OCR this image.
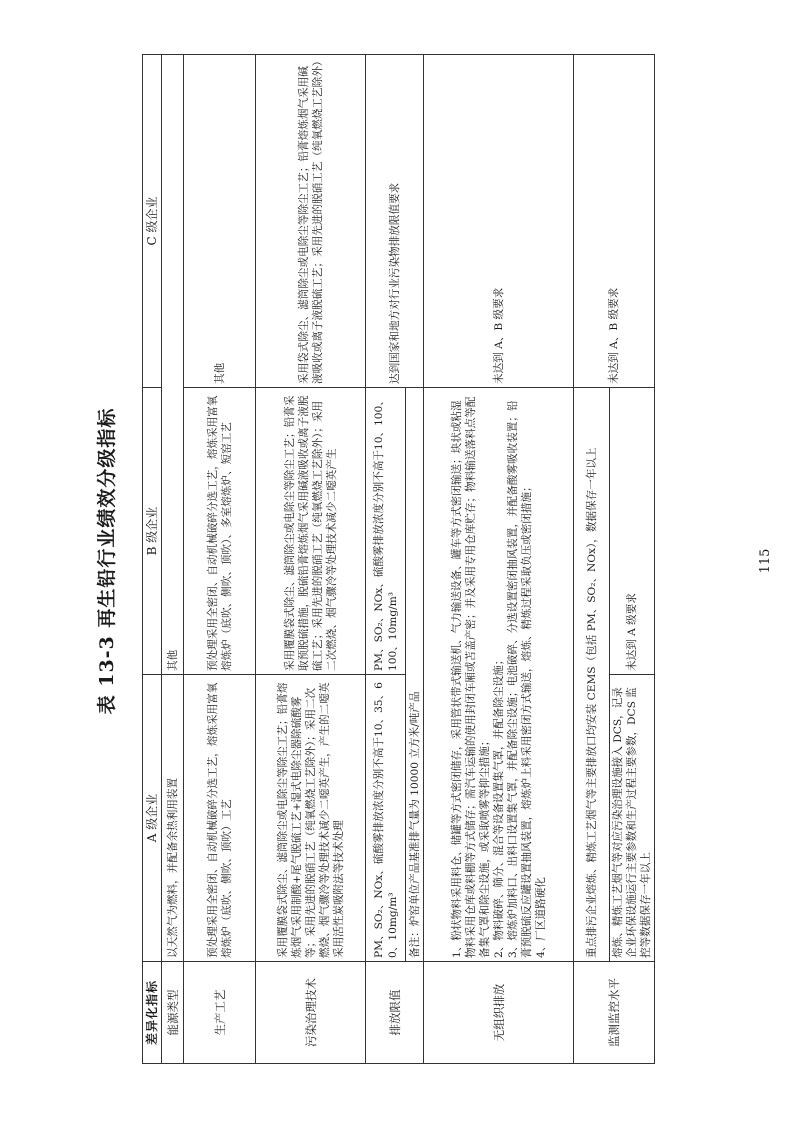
表 13-3 再生铅行业绩效分级指标
差异化指标	A 级企业	B 级企业	C 级企业
能源类型	以天然气为燃料，并配备余热利用装置	其他	
生产工艺	预处理采用全密闭、自动机械破碎分选工艺，熔炼采用富氧熔炼炉（底吹、侧吹、顶吹）工艺	预处理采用全密闭、自动机械破碎分选工艺，熔炼采用富氧熔炼炉（底吹、侧吹、顶吹）、多室熔炼炉、短窑工艺	其他
污染治理技术	采用覆膜袋式除尘、滤筒除尘或电除尘等除尘工艺；铅膏熔炼烟气采用制酸+尾气脱硫工艺+湿式电除尘器除硫酸雾等；采用先进的脱硝工艺（纯氧燃烧工艺除外）；采用二次燃烧、烟气骤冷等处理技术减少二噁英产生，产生的二噁英采用活性炭吸附法等技术处理	采用覆膜袋式除尘、滤筒除尘或电除尘等除尘工艺；铅膏采取预脱硫措施，脱硫铅膏熔炼烟气采用碱液吸收或离子液脱硫工艺；采用先进的脱硝工艺（纯氧燃烧工艺除外）；采用二次燃烧、烟气骤冷等处理技术减少二噁英产生	采用袋式除尘、滤筒除尘或电除尘等除尘工艺；铅膏熔炼烟气采用碱液吸收或离子液脱硫工艺；采用先进的脱硝工艺（纯氧燃烧工艺除外）
排放限值	PM、SO₂、NOx、硫酸雾排放浓度分别不高于10、35、60、10mg/m³	PM、SO₂、NOx、硫酸雾排放浓度分别不高于10、100、100、10mg/m³	达到国家和地方对行业污染物排放限值要求
	备注：炉窑单位产品基准排气量为 10000 立方米/吨产品		
无组织排放	1、粉状物料采用料仓、储罐等方式密闭储存，采用管状带式输送机、气力输送设备、罐车等方式密闭输送；块状或粘湿物料采用仓库或料棚等方式储存；需汽车运输的使用封闭车厢或苫盖产密；并及采用专用仓库贮存；物料输送落料点等配备集气罩和除尘设施，或采取喷雾等抑尘措施； 2、物料破碎、筛分、混合等设备设置集气罩，并配备除尘设施； 3、熔炼炉加料口、出料口设置集气罩，并配备除尘设施；电池破碎、分选设置密闭抽风装置，并配备酸雾吸收装置；铅膏预脱硫反应罐设置抽风装置，熔炼炉上料采用密闭方式输送，熔炼、精炼过程采取负压或密闭措施； 4、厂区道路硬化		未达到 A、B 级要求
监测监控水平	重点排污企业熔炼、精炼工艺烟气等主要排放口均安装 CEMS（包括 PM、SO₂、NOx），数据保存一年以上		未达到 A、B 级要求
	熔炼、精炼工艺烟气等对应污染治理设施接入 DCS，记录企业环保设施运行主要参数和生产过程主要参数，DCS 监控等数据保存一年以上	未达到 A 级要求	
115
